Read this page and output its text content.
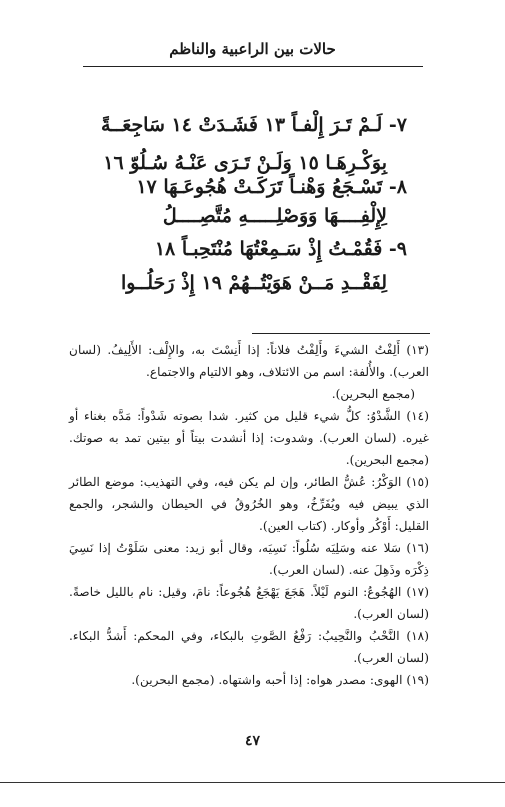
حالات بين الراعبية والناظم
٧- لَـمْ تَـرَ إِلْفـاً ١٣ فَشَـدَتْ ١٤ سَاجِعَــةً
بِوَكْـرِهَـا ١٥ وَلَـنْ تَـرَى عَنْـهُ سُـلُوّ ١٦
٨- تَسْـجَعُ وَهْنـاً تَرَكَـتْ هُجُوعَـهَا ١٧
لِإِلْفِــــهَا وَوَصْلِـــــهِ مُتَّصِــــلُ
٩- فَقُمْـتُ إِذْ سَـمِعْتُهَا مُنْتَحِبـاً ١٨
لِفَقْــدِ مَــنْ هَوَيْتُــهُمْ ١٩ إِذْ رَحَلُــوا

(١٣) أَلِفْتُ الشيءَ وأَلِفْتُ فلاناً: إذا أَنِسْتَ به، والإِلْف: الأَلِيفُ. (لسان العرب). والأُلفة: اسم من الائتلاف، وهو الالتيام والاجتماع.

(مجمع البحرين).

(١٤) الشَّدْوُ: كلُّ شيء قليل من كثير. شدا بصوته شَدْواً: مَدَّه بغناء أو غيره. (لسان العرب). وشدوت: إذا أنشدت بيتاً أو بيتين تمد به صوتك. (مجمع البحرين).

(١٥) الوَكْرُ: عُشُّ الطائر، وإن لم يكن فيه، وفي التهذيب: موضع الطائر الذي يبيض فيه ويُفَرِّخُ، وهو الخُرُوقُ في الحيطان والشجر، والجمع القليل: أَوْكُر وأوكار. (كتاب العين).

(١٦) سَلا عنه وسَلِيَه سُلُواً: نَسِيَه، وقال أبو زيد: معنى سَلَوْتُ إذا نَسِيَ ذِكْرَه وذَهِلَ عنه. (لسان العرب).

(١٧) الهُجُوعُ: النوم لَيْلاً. هَجَعَ يَهْجَعُ هُجُوعاً: نامَ، وقيل: نام بالليل خاصةً. (لسان العرب).

(١٨) النَّحْبُ والنَّحِيبُ: رَفْعُ الصَّوتِ بالبكاء، وفي المحكم: أَشدُّ البكاء. (لسان العرب).

(١٩) الهوى: مصدر هواه: إذا أحبه واشتهاه. (مجمع البحرين).

٤٧
